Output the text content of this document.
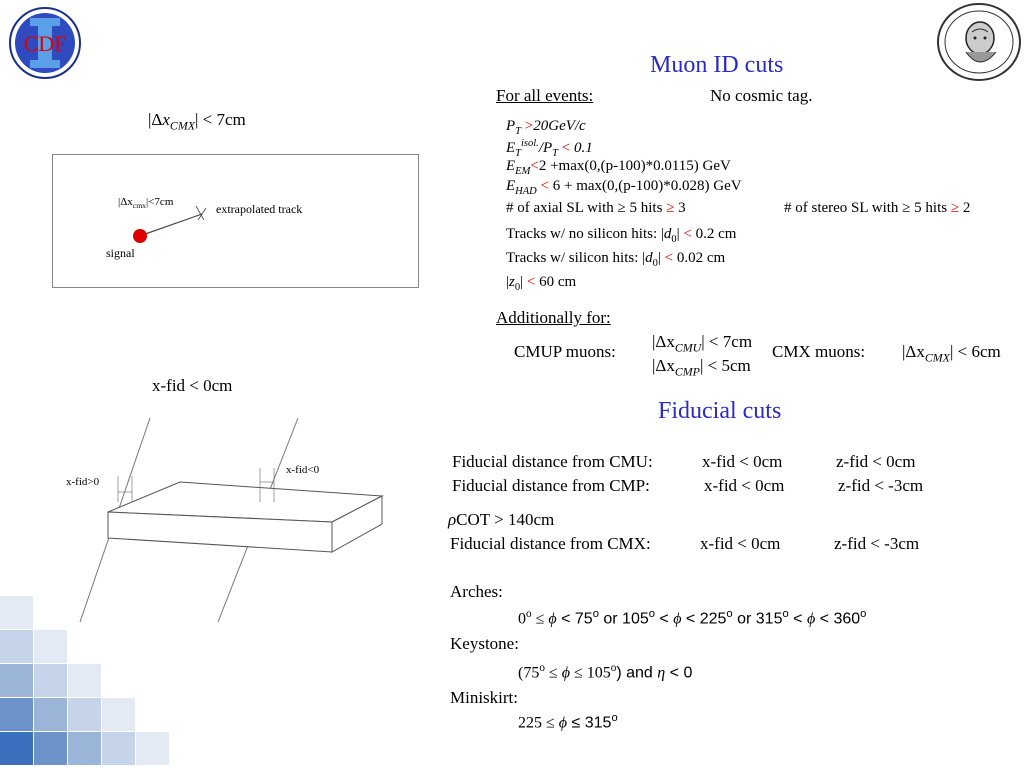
CDF
Muon ID cuts
Fiducial cuts
$|\Delta x_{CMX}| < 7cm$
$|\Delta x_{cmx}|<7cm$	extrapolated track
signal
x-fid < 0cm
x-fid>0
x-fid<0
For all events:	No cosmic tag.
$P_T >20GeV/c$
$E_T^{isol.}/P_T < 0.1$
$E_{EM}<2 +\max(0,(p-100)*0.0115)$ GeV
$E_{HAD} < 6 + \max(0,(p-100)*0.028)$ GeV
# of axial SL with ≥ 5 hits ≥ 3	# of stereo SL with ≥ 5 hits ≥ 2
Tracks w/ no silicon hits: $|d_0| < 0.2$ cm
Tracks w/ silicon hits: $|d_0| < 0.02$ cm
$|z_0| < 60$ cm
Additionally for:
CMUP muons:
$|\Delta x_{CMU}| < 7cm$
$|\Delta x_{CMP}| < 5cm$
CMX muons: $|\Delta x_{CMX}| < 6cm$
Fiducial distance from CMU:	x-fid < 0cm	z-fid < 0cm
Fiducial distance from CMP:	x-fid < 0cm	z-fid < -3cm
ρCOT > 140cm
Fiducial distance from CMX:	x-fid < 0cm	z-fid < -3cm
Arches:
$0^o \le \phi < 75^o$ or $105^o < \phi < 225^o$ or $315^o < \phi < 360^o$
Keystone:
$(75^o \le \phi \le 105^o)$ and η < 0
Miniskirt:
$225 \le \phi \le 315^o$
